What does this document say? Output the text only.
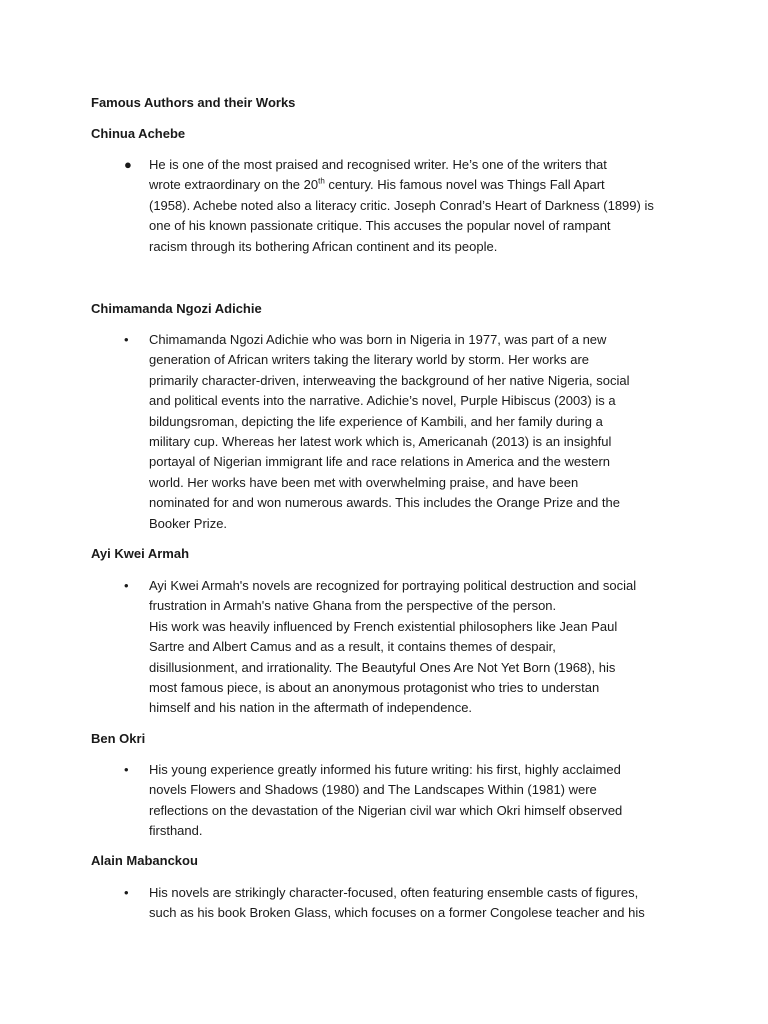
Famous Authors and their Works

Chinua Achebe

● He is one of the most praised and recognised writer. He’s one of the writers that
wrote extraordinary on the 20th century. His famous novel was Things Fall Apart
(1958). Achebe noted also a literacy critic. Joseph Conrad’s Heart of Darkness (1899) is
one of his known passionate critique. This accuses the popular novel of rampant
racism through its bothering African continent and its people.

Chimamanda Ngozi Adichie

• Chimamanda Ngozi Adichie who was born in Nigeria in 1977, was part of a new
generation of African writers taking the literary world by storm. Her works are
primarily character-driven, interweaving the background of her native Nigeria, social
and political events into the narrative. Adichie’s novel, Purple Hibiscus (2003) is a
bildungsroman, depicting the life experience of Kambili, and her family during a
military cup. Whereas her latest work which is, Americanah (2013) is an insighful
portayal of Nigerian immigrant life and race relations in America and the western
world. Her works have been met with overwhelming praise, and have been
nominated for and won numerous awards. This includes the Orange Prize and the
Booker Prize.

Ayi Kwei Armah

• Ayi Kwei Armah's novels are recognized for portraying political destruction and social
frustration in Armah's native Ghana from the perspective of the person.
His work was heavily influenced by French existential philosophers like Jean Paul
Sartre and Albert Camus and as a result, it contains themes of despair,
disillusionment, and irrationality. The Beautyful Ones Are Not Yet Born (1968), his
most famous piece, is about an anonymous protagonist who tries to understan
himself and his nation in the aftermath of independence.

Ben Okri

• His young experience greatly informed his future writing: his first, highly acclaimed
novels Flowers and Shadows (1980) and The Landscapes Within (1981) were
reflections on the devastation of the Nigerian civil war which Okri himself observed
firsthand.

Alain Mabanckou

• His novels are strikingly character-focused, often featuring ensemble casts of figures,
such as his book Broken Glass, which focuses on a former Congolese teacher and his
